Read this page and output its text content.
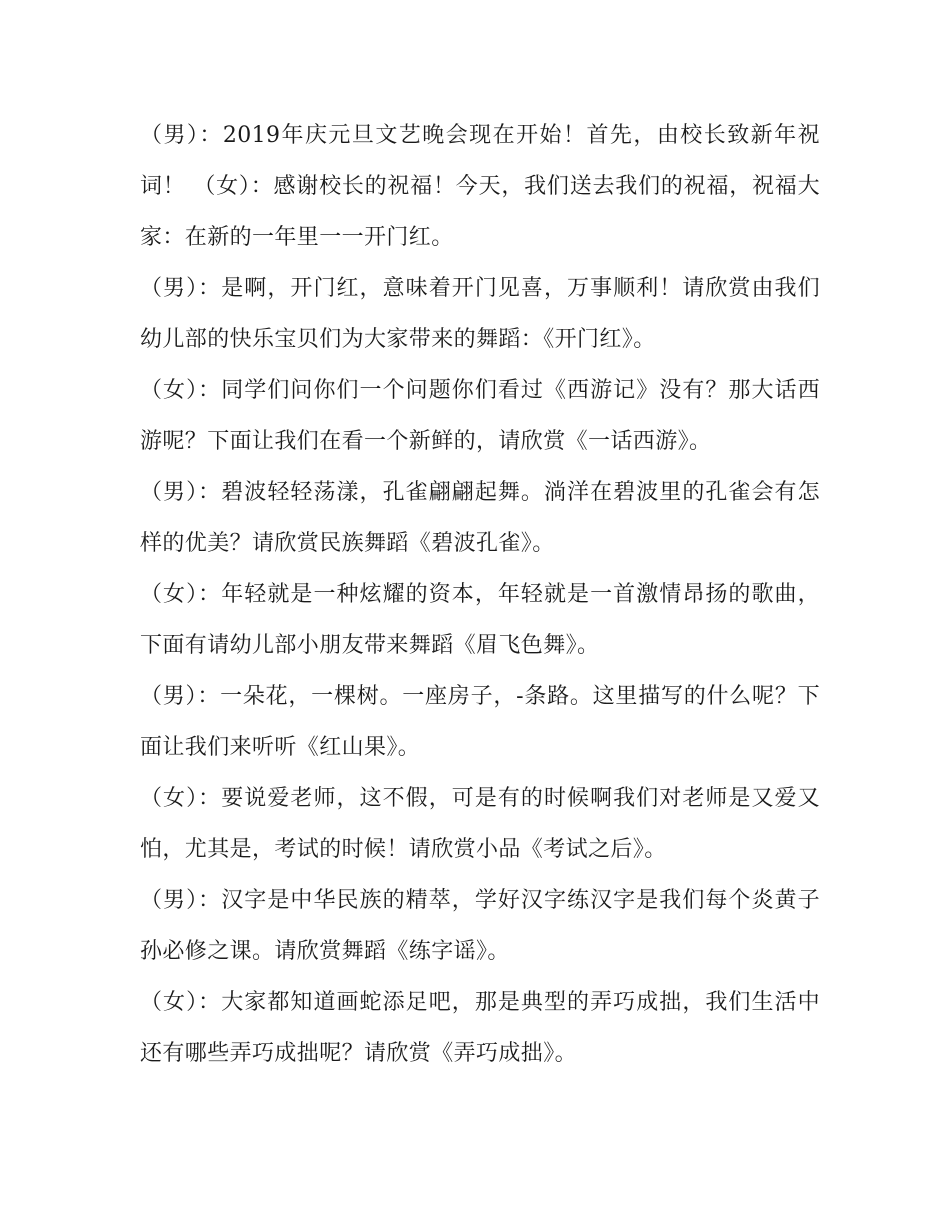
（男）：2019年庆元旦文艺晚会现在开始！首先，由校长致新年祝词！ （女）：感谢校长的祝福！今天，我们送去我们的祝福，祝福大家：在新的一年里一一开门红。

（男）：是啊，开门红，意味着开门见喜，万事顺利！请欣赏由我们幼儿部的快乐宝贝们为大家带来的舞蹈：《开门红》。

（女）：同学们问你们一个问题你们看过《西游记》没有？那大话西游呢？下面让我们在看一个新鲜的，请欣赏《一话西游》。

（男）：碧波轻轻荡漾，孔雀翩翩起舞。淌洋在碧波里的孔雀会有怎样的优美？请欣赏民族舞蹈《碧波孔雀》。

（女）：年轻就是一种炫耀的资本，年轻就是一首激情昂扬的歌曲，下面有请幼儿部小朋友带来舞蹈《眉飞色舞》。

（男）：一朵花，一棵树。一座房子，-条路。这里描写的什么呢？下面让我们来听听《红山果》。

（女）：要说爱老师，这不假，可是有的时候啊我们对老师是又爱又怕，尤其是，考试的时候！请欣赏小品《考试之后》。

（男）：汉字是中华民族的精萃，学好汉字练汉字是我们每个炎黄子孙必修之课。请欣赏舞蹈《练字谣》。

（女）：大家都知道画蛇添足吧，那是典型的弄巧成拙，我们生活中还有哪些弄巧成拙呢？请欣赏《弄巧成拙》。
